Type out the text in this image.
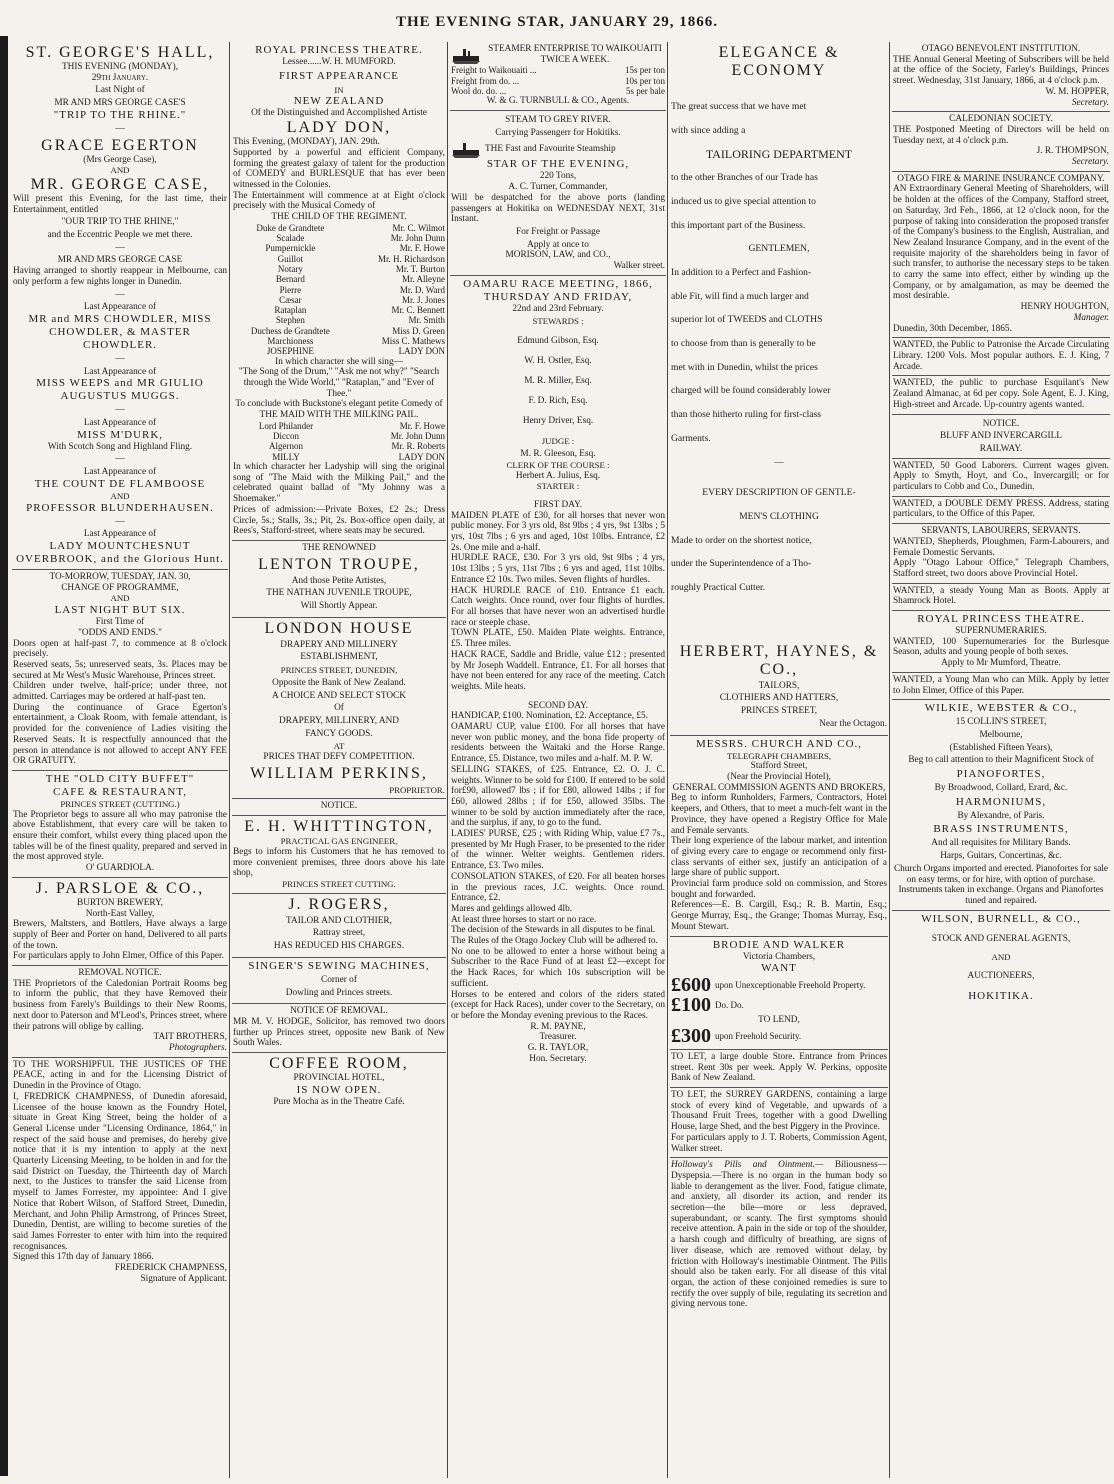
THE EVENING STAR, JANUARY 29, 1866.
ST. GEORGE'S HALL,
THIS EVENING (MONDAY),
29th January.
Last Night of
MR AND MRS GEORGE CASE'S
"TRIP TO THE RHINE."
—
GRACE EGERTON
(Mrs George Case),
AND
MR. GEORGE CASE,

Will present this Evening, for the last time, their Entertainment, entitled

"OUR TRIP TO THE RHINE,"
and the Eccentric People we met there.
—
MR AND MRS GEORGE CASE

Having arranged to shortly reappear in Melbourne, can only perform a few nights longer in Dunedin.

—
Last Appearance of
MR and MRS CHOWDLER, MISS CHOWDLER, & MASTER CHOWDLER.
—
Last Appearance of
MISS WEEPS and MR GIULIO AUGUSTUS MUGGS.
—
Last Appearance of
MISS M'DURK,
With Scotch Song and Highland Fling.
—
Last Appearance of
THE COUNT DE FLAMBOOSE
AND
PROFESSOR BLUNDERHAUSEN.
—
Last Appearance of
LADY MOUNTCHESNUT OVERBROOK, and the Glorious Hunt.
TO-MORROW, TUESDAY, JAN. 30,
CHANGE OF PROGRAMME,
AND
LAST NIGHT BUT SIX.
First Time of
"ODDS AND ENDS."

Doors open at half-past 7, to commence at 8 o'clock precisely.

Reserved seats, 5s; unreserved seats, 3s. Places may be secured at Mr West's Music Warehouse, Princes street.

Children under twelve, half-price; under three, not admitted. Carriages may be ordered at half-past ten.

During the continuance of Grace Egerton's entertainment, a Cloak Room, with female attendant, is provided for the convenience of Ladies visiting the Reserved Seats. It is respectfully announced that the person in attendance is not allowed to accept ANY FEE OR GRATUITY.

THE "OLD CITY BUFFET"
CAFE & RESTAURANT,
PRINCES STREET (CUTTING.)

The Proprietor begs to assure all who may patronise the above Establishment, that every care will be taken to ensure their comfort, whilst every thing placed upon the tables will be of the finest quality, prepared and served in the most approved style.

O' GUARDIOLA.
J. PARSLOE & CO.,
BURTON BREWERY,
North-East Valley,

Brewers, Maltsters, and Bottlers, Have always a large supply of Beer and Porter on hand, Delivered to all parts of the town.

For particulars apply to John Elmer, Office of this Paper.

REMOVAL NOTICE.

THE Proprietors of the Caledonian Portrait Rooms beg to inform the public, that they have Removed their business from Farely's Buildings to their New Rooms, next door to Paterson and M'Leod's, Princes street, where their patrons will oblige by calling.

TAIT BROTHERS,
Photographers.

TO THE WORSHIPFUL THE JUSTICES OF THE PEACE, acting in and for the Licensing District of Dunedin in the Province of Otago.

I, FREDRICK CHAMPNESS, of Dunedin aforesaid, Licensee of the house known as the Foundry Hotel, situate in Great King Street, being the holder of a General License under "Licensing Ordinance, 1864," in respect of the said house and premises, do hereby give notice that it is my intention to apply at the next Quarterly Licensing Meeting, to be holden in and for the said District on Tuesday, the Thirteenth day of March next, to the Justices to transfer the said License from myself to James Forrester, my appointee: And I give Notice that Robert Wilson, of Stafford Street, Dunedin, Merchant, and John Philip Armstrong, of Princes Street, Dunedin, Dentist, are willing to become sureties of the said James Forrester to enter with him into the required recognisances.

Signed this 17th day of January 1866.

FREDERICK CHAMPNESS,
Signature of Applicant.
ROYAL PRINCESS THEATRE.
Lessee......W. H. MUMFORD.
FIRST APPEARANCE
IN
NEW ZEALAND
Of the Distinguished and Accomplished Artiste
LADY DON,
This Evening, (MONDAY), JAN. 29th.

Supported by a powerful and efficient Company, forming the greatest galaxy of talent for the production of COMEDY and BURLESQUE that has ever been witnessed in the Colonies.

The Entertainment will commence at at Eight o'clock precisely with the Musical Comedy of

THE CHILD OF THE REGIMENT.
Duke de Grandtete	Mr. C. Wilmot
Scalade	Mr. John Dunn
Pumpernickle	Mr. F. Howe
Guillot	Mr. H. Richardson
Notary	Mr. T. Burton
Bernard	Mr. Alleyne
Pierre	Mr. D. Ward
Cæsar	Mr. J. Jones
Rataplan	Mr. C. Bennett
Stephen	Mr. Smith
Duchess de Grandtete	Miss D. Green
Marchioness	Miss C. Mathews
JOSEPHINE	LADY DON
In which character she will sing—
"The Song of the Drum," "Ask me not why?" "Search through the Wide World," "Rataplan," and "Ever of Thee."
To conclude with Buckstone's elegant petite Comedy of
THE MAID WITH THE MILKING PAIL.
Lord Philander	Mr. F. Howe
Diccon	Mr. John Dunn
Algernon	Mr. R. Roberts
MILLY	LADY DON

In which character her Ladyship will sing the original song of "The Maid with the Milking Pail," and the celebrated quaint ballad of "My Johnny was a Shoemaker."

Prices of admission:—Private Boxes, £2 2s.; Dress Circle, 5s.; Stalls, 3s.; Pit, 2s. Box-office open daily, at Rees's, Stafford-street, where seats may be secured.

THE RENOWNED
LENTON TROUPE,
And those Petite Artistes,
THE NATHAN JUVENILE TROUPE,
Will Shortly Appear.
LONDON HOUSE
DRAPERY AND MILLINERY
ESTABLISHMENT,
PRINCES STREET, DUNEDIN,
Opposite the Bank of New Zealand.
A CHOICE AND SELECT STOCK
Of
DRAPERY, MILLINERY, AND
FANCY GOODS.
AT
PRICES THAT DEFY COMPETITION.
WILLIAM PERKINS,
PROPRIETOR.
NOTICE.
E. H. WHITTINGTON,
PRACTICAL GAS ENGINEER,

Begs to inform his Customers that he has removed to more convenient premises, three doors above his late shop,

PRINCES STREET CUTTING.
J. ROGERS,
TAILOR AND CLOTHIER,
Rattray street,
HAS REDUCED HIS CHARGES.
SINGER'S SEWING MACHINES,
Corner of
Dowling and Princes streets.
NOTICE OF REMOVAL.

MR M. V. HODGE, Solicitor, has removed two doors further up Princes street, opposite new Bank of New South Wales.

COFFEE ROOM,
PROVINCIAL HOTEL,
IS NOW OPEN.
Pure Mocha as in the Theatre Café.
STEAMER ENTERPRISE TO WAIKOUAITI TWICE A WEEK.
Freight to Waikouaiti ...	15s per ton
Freight from do. ...	10s per ton
Wool do. do. ...	5s per bale
W. & G. TURNBULL & CO., Agents.
STEAM TO GREY RIVER.
Carrying Passengerr for Hokitiks.
THE Fast and Favourite Steamship
STAR OF THE EVENING,
220 Tons,
A. C. Turner, Commander,

Will be despatched for the above ports (landing passengers at Hokitika on WEDNESDAY NEXT, 31st Instant.

For Freight or Passage
Apply at once to
MORISON, LAW, and CO.,
Walker street.
OAMARU RACE MEETING, 1866,
THURSDAY AND FRIDAY,
22nd and 23rd February.
STEWARDS :

Edmund Gibson, Esq.

W. H. Ostler, Esq.

M. R. Miller, Esq.

F. D. Rich, Esq.

Henry Driver, Esq.

JUDGE :
M. R. Gleeson, Esq.
CLERK OF THE COURSE :
Herbert A. Julius, Esq.
STARTER :
FIRST DAY.

MAIDEN PLATE of £30, for all horses that never won public money. For 3 yrs old, 8st 9lbs ; 4 yrs, 9st 13lbs ; 5 yrs, 10st 7lbs ; 6 yrs and aged, 10st 10lbs. Entrance, £2 2s. One mile and a-half.

HURDLE RACE, £30. For 3 yrs old, 9st 9lbs ; 4 yrs, 10st 13lbs ; 5 yrs, 11st 7lbs ; 6 yrs and aged, 11st 10lbs. Entrance £2 10s. Two miles. Seven flights of hurdles.

HACK HURDLE RACE of £10. Entrance £1 each. Catch weights. Once round, over four flights of hurdles. For all horses that have never won an advertised hurdle race or steeple chase.

TOWN PLATE, £50. Maiden Plate weights. Entrance, £5. Three miles.

HACK RACE, Saddle and Bridle, value £12 ; presented by Mr Joseph Waddell. Entrance, £1. For all horses that have not been entered for any race of the meeting. Catch weights. Mile heats.

SECOND DAY.

HANDICAP, £100. Nomination, £2. Acceptance, £5.

OAMARU CUP, value £100. For all horses that have never won public money, and the bona fide property of residents between the Waitaki and the Horse Range. Entrance, £5. Distance, two miles and a-half. M. P. W.

SELLING STAKES, of £25. Entrance, £2. O. J. C. weights. Winner to be sold for £100. If entered to be sold for£90, allowed7 lbs ; if for £80, allowed 14lbs ; if for £60, allowed 28lbs ; if for £50, allowed 35lbs. The winner to be sold by auction immediately after the race, and the surplus, if any, to go to the fund.

LADIES' PURSE, £25 ; with Riding Whip, value £7 7s., presented by Mr Hugh Fraser, to be presented to the rider of the winner. Welter weights. Gentlemen riders. Entrance, £3. Two miles.

CONSOLATION STAKES, of £20. For all beaten horses in the previous races, J.C. weights. Once round. Entrance, £2.

Mares and geldings allowed 4lb.

At least three horses to start or no race.

The decision of the Stewards in all disputes to be final.

The Rules of the Otago Jockey Club will be adhered to.

No one to be allowed to enter a horse without being a Subscriber to the Race Fund of at least £2—except for the Hack Races, for which 10s subscription will be sufficient.

Horses to be entered and colors of the riders stated (except for Hack Races), under cover to the Secretary, on or before the Monday evening previous to the Races.

R. M. PAYNE,
Treasurer.
G. R. TAYLOR,
Hon. Secretary.
ELEGANCE & ECONOMY

The great success that we have met

with since adding a

TAILORING DEPARTMENT

to the other Branches of our Trade has

induced us to give special attention to

this important part of the Business.

GENTLEMEN,

In addition to a Perfect and Fashion-

able Fit, will find a much larger and

superior lot of TWEEDS and CLOTHS

to choose from than is generally to be

met with in Dunedin, whilst the prices

charged will be found considerably lower

than those hitherto ruling for first-class

Garments.

—

EVERY DESCRIPTION OF GENTLE-

MEN'S CLOTHING

Made to order on the shortest notice,

under the Superintendence of a Tho-

roughly Practical Cutter.

HERBERT, HAYNES, & CO.,
TAILORS,
CLOTHIERS AND HATTERS,
PRINCES STREET,
Near the Octagon.
MESSRS. CHURCH AND CO.,
TELEGRAPH CHAMBERS,
Stafford Street,
(Near the Provincial Hotel),
GENERAL COMMISSION AGENTS AND BROKERS,

Beg to inform Runholders, Farmers, Contractors, Hotel keepers, and Others, that to meet a much-felt want in the Province, they have opened a Registry Office for Male and Female servants.

Their long experience of the labour market, and intention of giving every care to engage or recommend only first-class servants of either sex, justify an anticipation of a large share of public support.

Provincial farm produce sold on commission, and Stores bought and forwarded.

References—E. B. Cargill, Esq.; R. B. Martin, Esq.; George Murray, Esq., the Grange; Thomas Murray, Esq., Mount Stewart.

BRODIE AND WALKER
Victoria Chambers,
WANT
£600 upon Unexceptionable Freehold Property.
£100 Do. Do.
TO LEND,
£300 upon Freehold Security.

TO LET, a large double Store. Entrance from Princes street. Rent 30s per week. Apply W. Perkins, opposite Bank of New Zealand.

TO LET, the SURREY GARDENS, containing a large stock of every kind of Vegetable, and upwards of a Thousand Fruit Trees, together with a good Dwelling House, large Shed, and the best Piggery in the Province.

For particulars apply to J. T. Roberts, Commission Agent, Walker street.

Holloway's Pills and Ointment.— Biliousness—Dyspepsia.—There is no organ in the human body so liable to derangement as the liver. Food, fatigue climate, and anxiety, all disorder its action, and render its secretion—the bile—more or less depraved, superabundant, or scanty. The first symptoms should receive attention. A pain in the side or top of the shoulder, a harsh cough and difficulty of breathing, are signs of liver disease, which are removed without delay, by friction with Holloway's inestimable Ointment. The Pills should also be taken early. For all disease of this vital organ, the action of these conjoined remedies is sure to rectify the over supply of bile, regulating its secretion and giving nervous tone.

OTAGO BENEVOLENT INSTITUTION.

THE Annual General Meeting of Subscribers will be held at the office of the Society, Farley's Buildings, Princes street. Wednesday, 31st January, 1866, at 4 o'clock p.m.

W. M. HOPPER,
Secretary.
CALEDONIAN SOCIETY.

THE Postponed Meeting of Directors will be held on Tuesday next, at 4 o'clock p.m.

J. R. THOMPSON,
Secretary.
OTAGO FIRE & MARINE INSURANCE COMPANY.

AN Extraordinary General Meeting of Shareholders, will be holden at the offices of the Company, Stafford street, on Saturday, 3rd Feb., 1866, at 12 o'clock noon, for the purpose of taking into consideration the proposed transfer of the Company's business to the English, Australian, and New Zealand Insurance Company, and in the event of the requisite majority of the shareholders being in favor of such transfer, to authorise the necessary steps to be taken to carry the same into effect, either by winding up the Company, or by amalgamation, as may be deemed the most desirable.

HENRY HOUGHTON,
Manager.
Dunedin, 30th December, 1865.

WANTED, the Public to Patronise the Arcade Circulating Library. 1200 Vols. Most popular authors. E. J. King, 7 Arcade.

WANTED, the public to purchase Esquilant's New Zealand Almanac, at 6d per copy. Sole Agent, E. J. King, High-street and Arcade. Up-country agents wanted.

NOTICE.
BLUFF AND INVERCARGILL
RAILWAY.

WANTED, 50 Good Laborers. Current wages given. Apply to Smyth, Hoyt, and Co., Invercargill; or for particulars to Cobb and Co., Dunedin.

WANTED, a DOUBLE DEMY PRESS. Address, stating particulars, to the Office of this Paper.

SERVANTS, LABOURERS, SERVANTS.

WANTED, Shepherds, Ploughmen, Farm-Labourers, and Female Domestic Servants.

Apply "Otago Labour Office," Telegraph Chambers, Stafford street, two doors above Provincial Hotel.

WANTED, a steady Young Man as Boots. Apply at Shamrock Hotel.

ROYAL PRINCESS THEATRE.
SUPERNUMERARIES.

WANTED, 100 Supernumeraries for the Burlesque Season, adults and young people of both sexes.

Apply to Mr Mumford, Theatre.

WANTED, a Young Man who can Milk. Apply by letter to John Elmer, Office of this Paper.

WILKIE, WEBSTER & CO.,
15 COLLIN'S STREET,
Melbourne,
(Established Fifteen Years),
Beg to call attention to their Magnificent Stock of
PIANOFORTES,
By Broadwood, Collard, Erard, &c.
HARMONIUMS,
By Alexandre, of Paris.
BRASS INSTRUMENTS,
And all requisites for Military Bands.
Harps, Guitars, Concertinas, &c.
Church Organs imported and erected. Pianofortes for sale on easy terms, or for hire, with option of purchase. Instruments taken in exchange. Organs and Pianofortes tuned and repaired.
WILSON, BURNELL, & CO.,
STOCK AND GENERAL AGENTS,
AND
AUCTIONEERS,
HOKITIKA.
